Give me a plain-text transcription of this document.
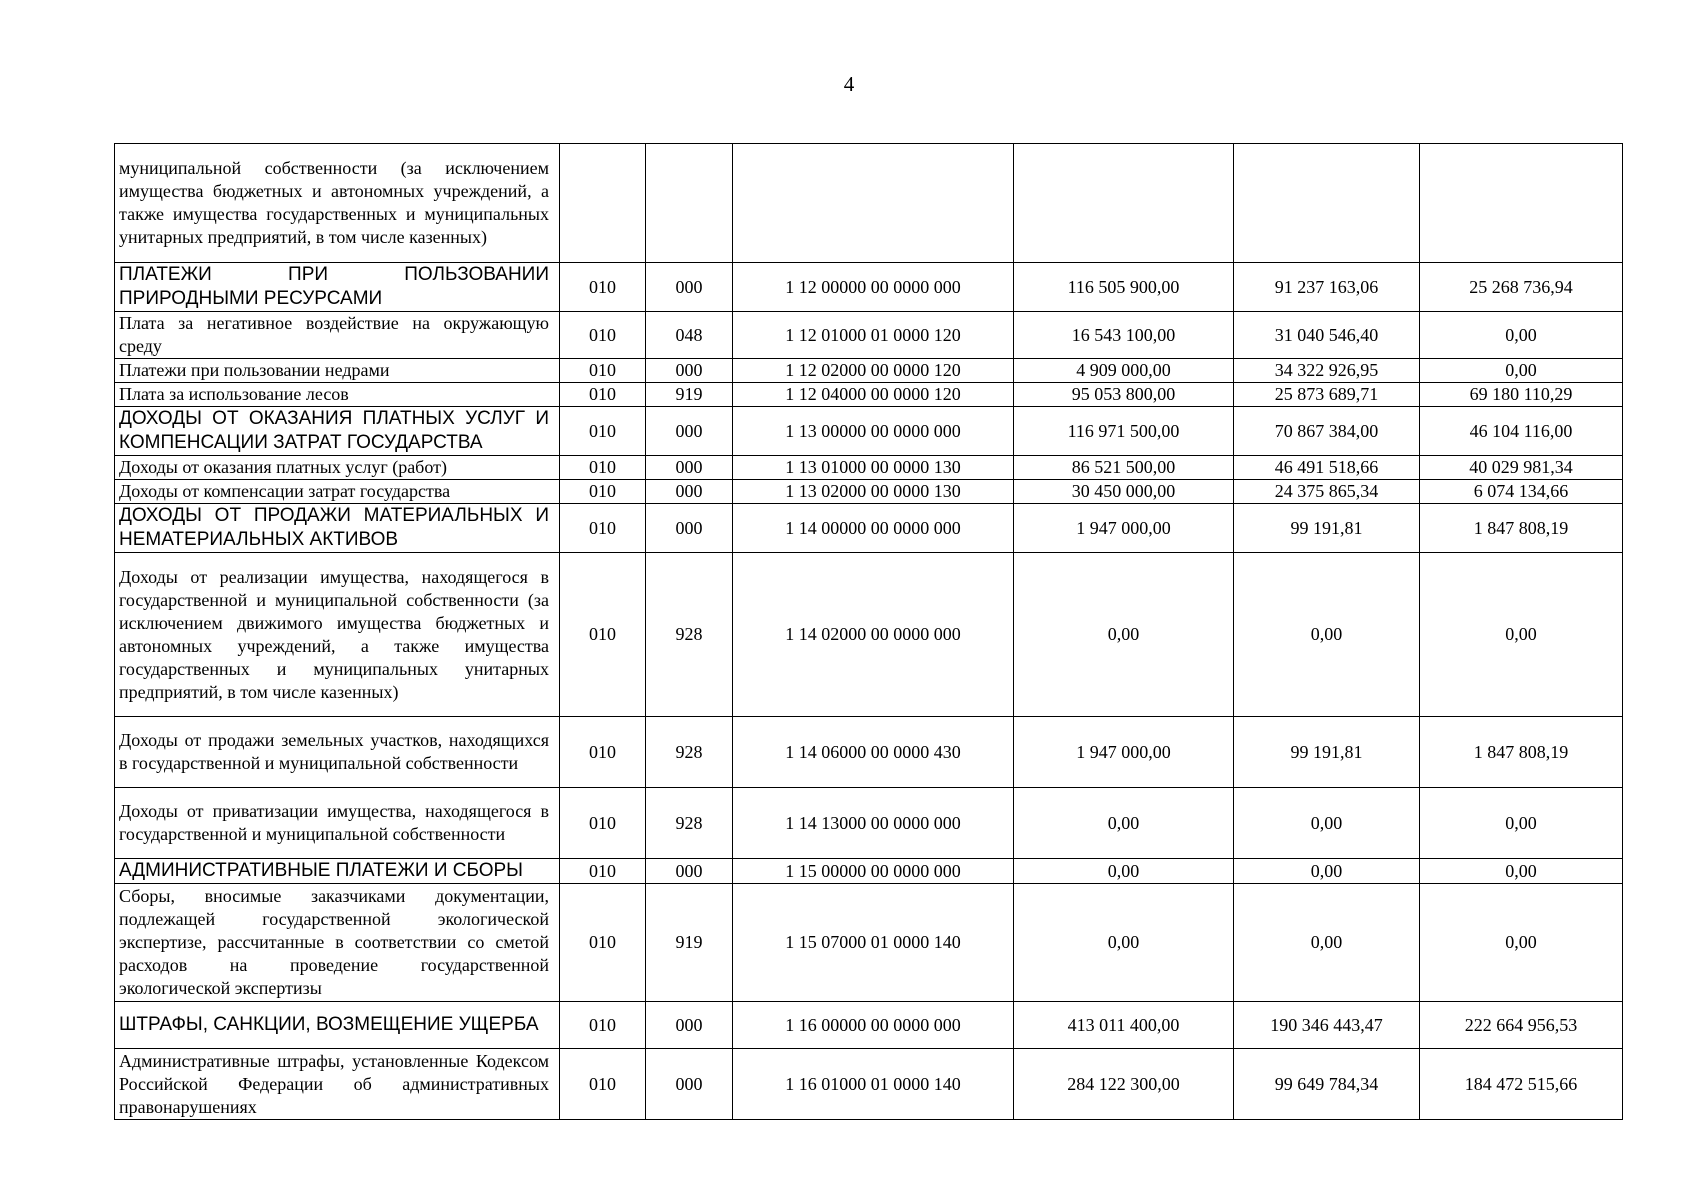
4
муниципальной собственности (за исключением имущества бюджетных и автономных учреждений, а также имущества государственных и муниципальных унитарных предприятий, в том числе казенных)						
ПЛАТЕЖИ ПРИ ПОЛЬЗОВАНИИ ПРИРОДНЫМИ РЕСУРСАМИ	010	000	1 12 00000 00 0000 000	116 505 900,00	91 237 163,06	25 268 736,94
Плата за негативное воздействие на окружающую среду	010	048	1 12 01000 01 0000 120	16 543 100,00	31 040 546,40	0,00
Платежи при пользовании недрами	010	000	1 12 02000 00 0000 120	4 909 000,00	34 322 926,95	0,00
Плата за использование лесов	010	919	1 12 04000 00 0000 120	95 053 800,00	25 873 689,71	69 180 110,29
ДОХОДЫ ОТ ОКАЗАНИЯ ПЛАТНЫХ УСЛУГ И КОМПЕНСАЦИИ ЗАТРАТ ГОСУДАРСТВА	010	000	1 13 00000 00 0000 000	116 971 500,00	70 867 384,00	46 104 116,00
Доходы от оказания платных услуг (работ)	010	000	1 13 01000 00 0000 130	86 521 500,00	46 491 518,66	40 029 981,34
Доходы от компенсации затрат государства	010	000	1 13 02000 00 0000 130	30 450 000,00	24 375 865,34	6 074 134,66
ДОХОДЫ ОТ ПРОДАЖИ МАТЕРИАЛЬНЫХ И НЕМАТЕРИАЛЬНЫХ АКТИВОВ	010	000	1 14 00000 00 0000 000	1 947 000,00	99 191,81	1 847 808,19
Доходы от реализации имущества, находящегося в государственной и муниципальной собственности (за исключением движимого имущества бюджетных и автономных учреждений, а также имущества государственных и муниципальных унитарных предприятий, в том числе казенных)	010	928	1 14 02000 00 0000 000	0,00	0,00	0,00
Доходы от продажи земельных участков, находящихся в государственной и муниципальной собственности	010	928	1 14 06000 00 0000 430	1 947 000,00	99 191,81	1 847 808,19
Доходы от приватизации имущества, находящегося в государственной и муниципальной собственности	010	928	1 14 13000 00 0000 000	0,00	0,00	0,00
АДМИНИСТРАТИВНЫЕ ПЛАТЕЖИ И СБОРЫ	010	000	1 15 00000 00 0000 000	0,00	0,00	0,00
Сборы, вносимые заказчиками документации, подлежащей государственной экологической экспертизе, рассчитанные в соответствии со сметой расходов на проведение государственной экологической экспертизы	010	919	1 15 07000 01 0000 140	0,00	0,00	0,00
ШТРАФЫ, САНКЦИИ, ВОЗМЕЩЕНИЕ УЩЕРБА	010	000	1 16 00000 00 0000 000	413 011 400,00	190 346 443,47	222 664 956,53
Административные штрафы, установленные Кодексом Российской Федерации об административных правонарушениях	010	000	1 16 01000 01 0000 140	284 122 300,00	99 649 784,34	184 472 515,66
